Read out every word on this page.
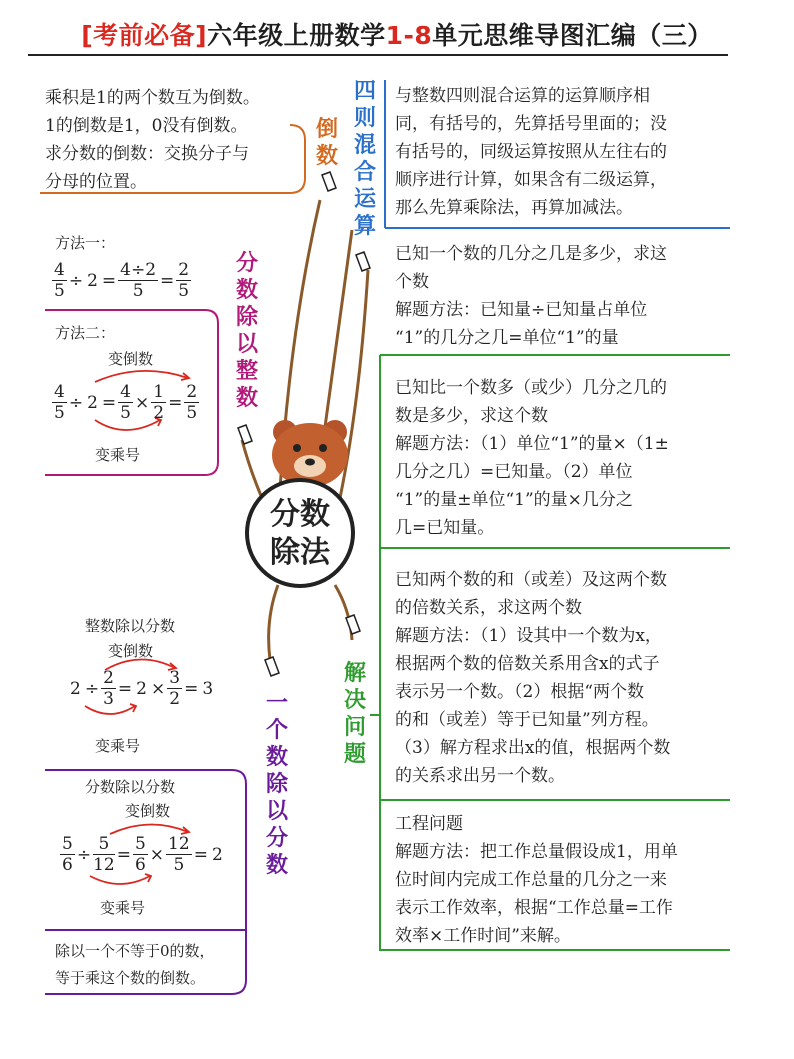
[考前必备]六年级上册数学1-8单元思维导图汇编（三）
分数
除法
乘积是1的两个数互为倒数。
1的倒数是1，0没有倒数。
求分数的倒数：交换分子与
分母的位置。
倒
数
四
则
混
合
运
算
与整数四则混合运算的运算顺序相
同，有括号的，先算括号里面的；没
有括号的，同级运算按照从左往右的
顺序进行计算，如果含有二级运算，
那么先算乘除法，再算加减法。
方法一：
$\frac{4}{5} \div 2 = \frac{4\div 2}{5} = \frac{2}{5}$
方法二：
变倒数
$\frac{4}{5} \div 2 = \frac{4}{5} \times \frac{1}{2} = \frac{2}{5}$
变乘号
分
数
除
以
整
数
整数除以分数
变倒数
$2 \div \frac{2}{3} = 2 \times \frac{3}{2} = 3$
变乘号
分数除以分数
变倒数
$\frac{5}{6} \div \frac{5}{12} = \frac{5}{6} \times \frac{12}{5} = 2$
变乘号
除以一个不等于0的数，
等于乘这个数的倒数。
一
个
数
除
以
分
数
解
决
问
题
已知一个数的几分之几是多少，求这
个数
解题方法：已知量÷已知量占单位
“1”的几分之几=单位“1”的量
已知比一个数多（或少）几分之几的
数是多少，求这个数
解题方法：（1）单位“1”的量×（1±
几分之几）=已知量。（2）单位
“1”的量±单位“1”的量×几分之
几=已知量。
已知两个数的和（或差）及这两个数
的倍数关系，求这两个数
解题方法：（1）设其中一个数为x，
根据两个数的倍数关系用含x的式子
表示另一个数。（2）根据“两个数
的和（或差）等于已知量”列方程。
（3）解方程求出x的值，根据两个数
的关系求出另一个数。
工程问题
解题方法：把工作总量假设成1，用单
位时间内完成工作总量的几分之一来
表示工作效率，根据“工作总量=工作
效率×工作时间”来解。
